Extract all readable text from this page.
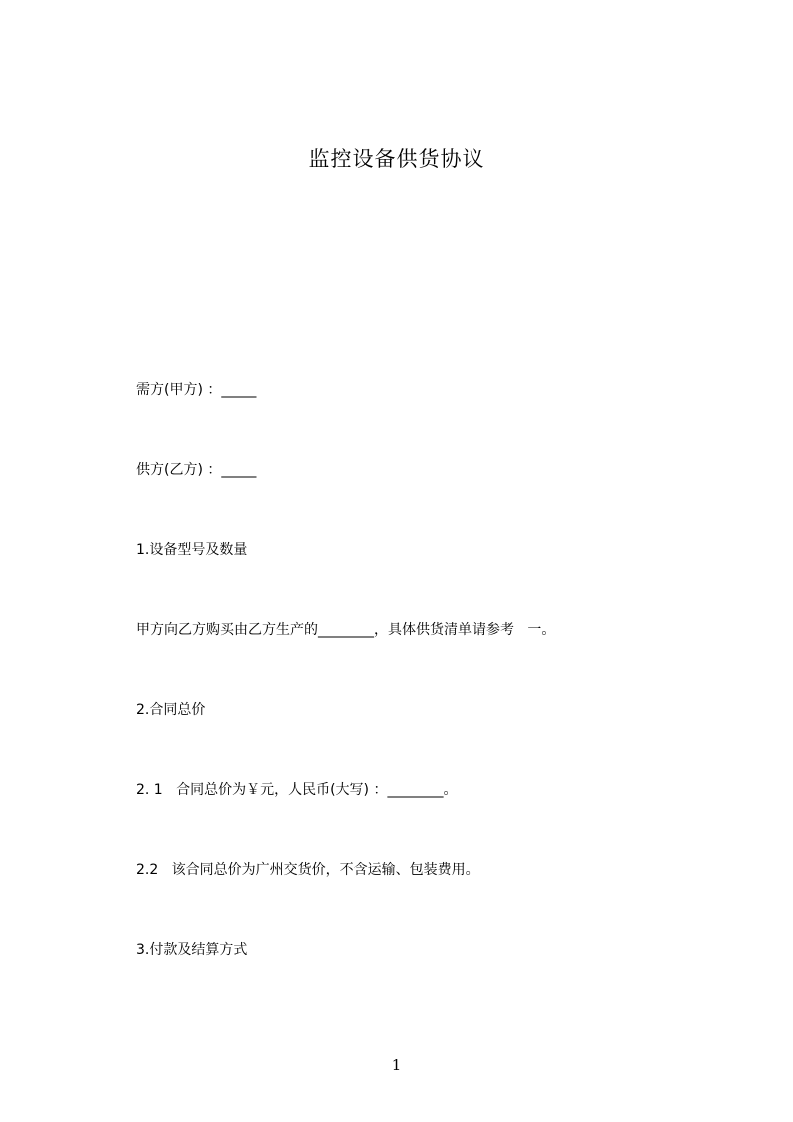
监控设备供货协议
需方(甲方) ：_____
供方(乙方) ：_____
1.设备型号及数量
甲方向乙方购买由乙方生产的________，具体供货清单请参考   一。
2.合同总价
2. 1   合同总价为￥元，人民币(大写) ：________。
2.2   该合同总价为广州交货价，不含运输、包装费用。
3.付款及结算方式
1
